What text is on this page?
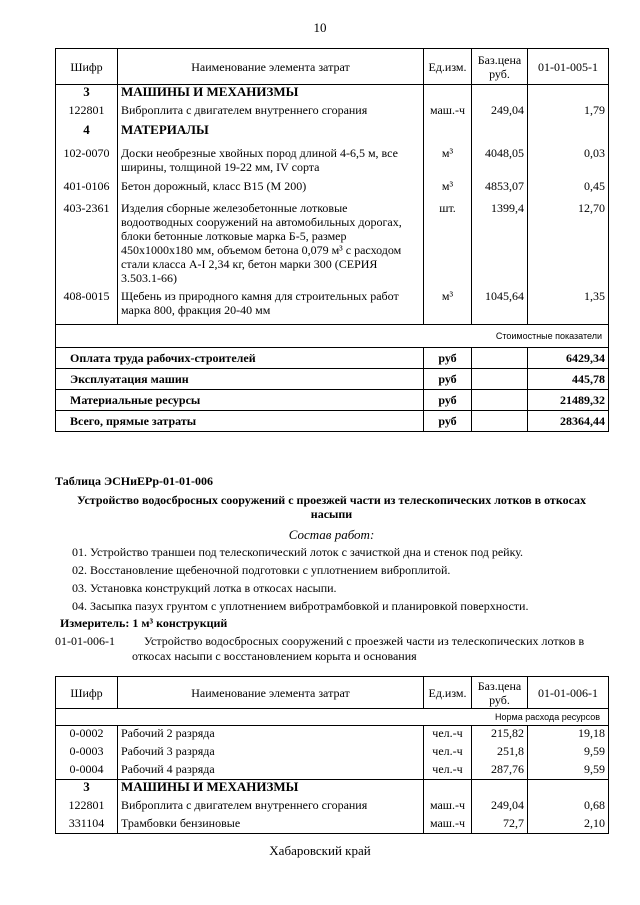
10
Шифр	Наименование элемента затрат	Ед.изм.	Баз.цена руб.	01-01-005-1
3	МАШИНЫ И МЕХАНИЗМЫ			
122801	Виброплита с двигателем внутреннего сгорания	маш.-ч	249,04	1,79
4	МАТЕРИАЛЫ			
102-0070	Доски необрезные хвойных пород длиной 4-6,5 м, все ширины, толщиной 19-22 мм, IV сорта	м³	4048,05	0,03
401-0106	Бетон дорожный, класс B15 (M 200)	м³	4853,07	0,45
403-2361	Изделия сборные железобетонные лотковые водоотводных сооружений на автомобильных дорогах, блоки бетонные лотковые марка Б-5, размер 450x1000x180 мм, объемом бетона 0,079 м³ с расходом стали класса А-I 2,34 кг, бетон марки 300 (СЕРИЯ 3.503.1-66)	шт.	1399,4	12,70
408-0015	Щебень из природного камня для строительных работ марка 800, фракция 20-40 мм	м³	1045,64	1,35
Стоимостные показатели				
Оплата труда рабочих-строителей		руб		6429,34
Эксплуатация машин		руб		445,78
Материальные ресурсы		руб		21489,32
Всего, прямые затраты		руб		28364,44
Таблица ЭСНиЕРр-01-01-006
Устройство водосбросных сооружений с проезжей части из телескопических лотков в откосах насыпи
Состав работ:
01. Устройство траншеи под телескопический лоток с зачисткой дна и стенок под рейку.
02. Восстановление щебеночной подготовки с уплотнением виброплитой.
03. Установка конструкций лотка в откосах насыпи.
04. Засыпка пазух грунтом с уплотнением вибротрамбовкой и планировкой поверхности.
Измеритель: 1 м³ конструкций
01-01-006-1	Устройство водосбросных сооружений с проезжей части из телескопических лотков в откосах насыпи с восстановлением корыта и основания
Шифр	Наименование элемента затрат	Ед.изм.	Баз.цена руб.	01-01-006-1
Норма расхода ресурсов				
0-0002	Рабочий 2 разряда	чел.-ч	215,82	19,18
0-0003	Рабочий 3 разряда	чел.-ч	251,8	9,59
0-0004	Рабочий 4 разряда	чел.-ч	287,76	9,59
3	МАШИНЫ И МЕХАНИЗМЫ			
122801	Виброплита с двигателем внутреннего сгорания	маш.-ч	249,04	0,68
331104	Трамбовки бензиновые	маш.-ч	72,7	2,10
Хабаровский край
